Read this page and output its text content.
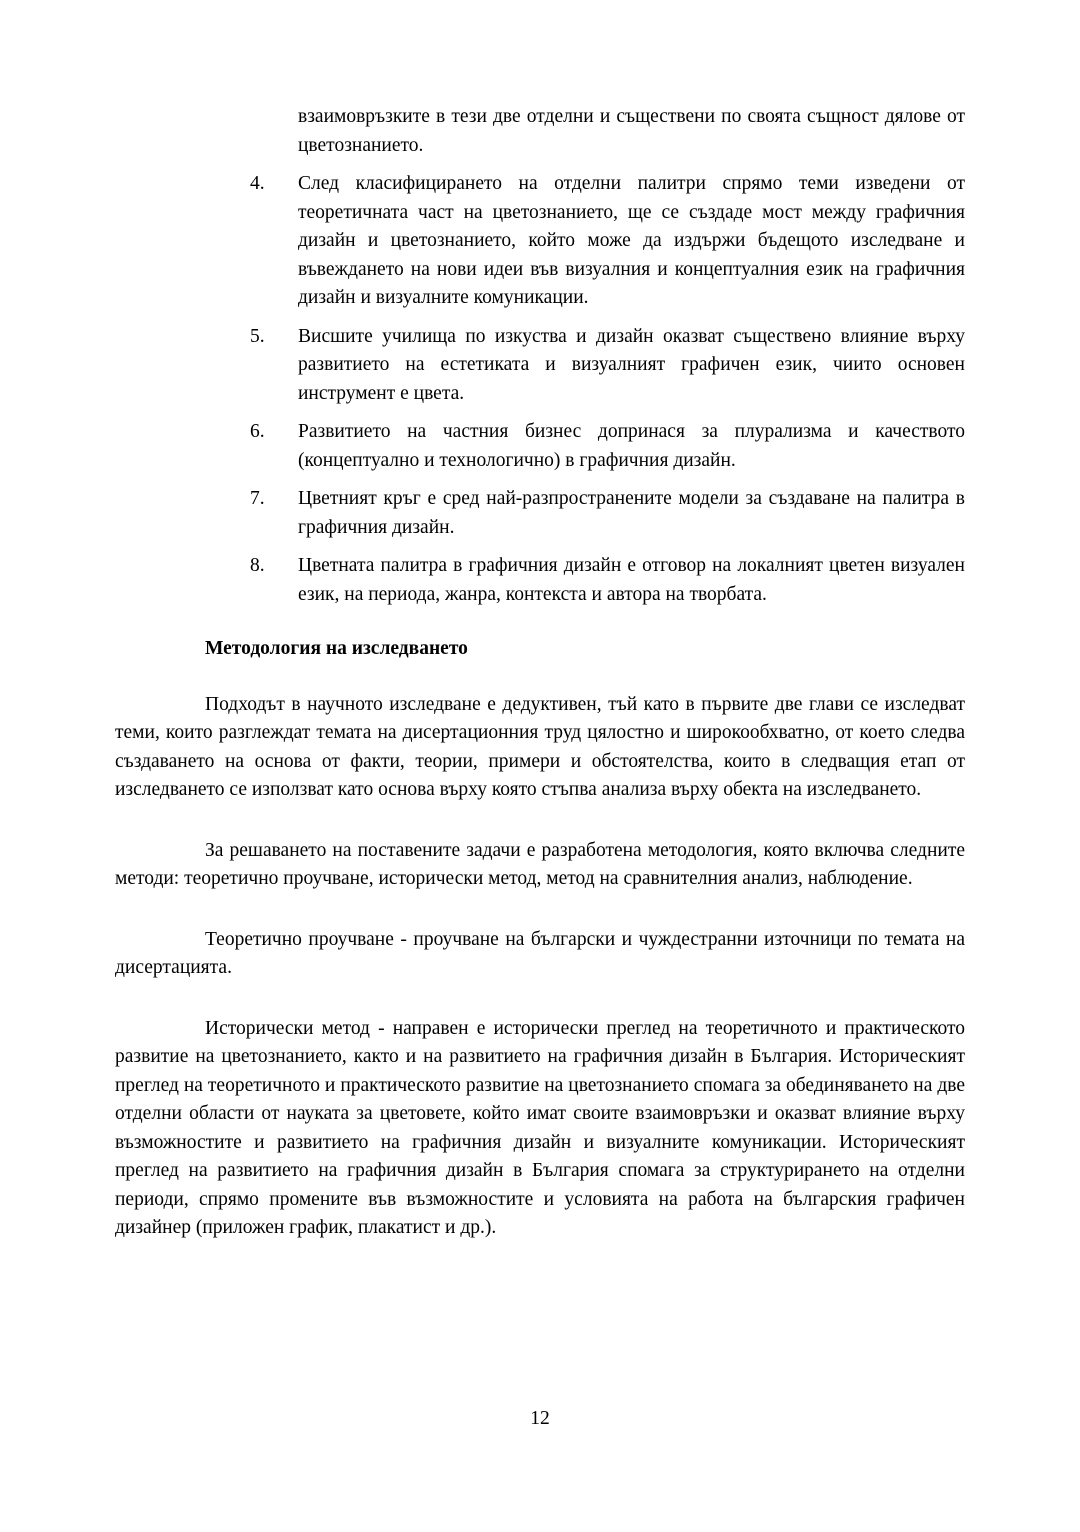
взаимовръзките в тези две отделни и съществени по своята същност дялове от цветознанието.

4.	След класифицирането на отделни палитри спрямо теми изведени от теоретичната част на цветознанието, ще се създаде мост между графичния дизайн и цветознанието, който може да издържи бъдещото изследване и въвеждането на нови идеи във визуалния и концептуалния език на графичния дизайн и визуалните комуникации.
5.	Висшите училища по изкуства и дизайн оказват съществено влияние върху развитието на естетиката и визуалният графичен език, чиито основен инструмент е цвета.
6.	Развитието на частния бизнес допринася за плурализма и качеството (концептуално и технологично) в графичния дизайн.
7.	Цветният кръг е сред най-разпространените модели за създаване на палитра в графичния дизайн.
8.	Цветната палитра в графичния дизайн е отговор на локалният цветен визуален език, на периода, жанра, контекста и автора на творбата.
Методология на изследването

Подходът в научното изследване е дедуктивен, тъй като в първите две глави се изследват теми, които разглеждат темата на дисертационния труд цялостно и широкообхватно, от което следва създаването на основа от факти, теории, примери и обстоятелства, които в следващия етап от изследването се използват като основа върху която стъпва анализа върху обекта на изследването.

За решаването на поставените задачи е разработена методология, която включва следните методи: теоретично проучване, исторически метод, метод на сравнителния анализ, наблюдение.

Теоретично проучване - проучване на български и чуждестранни източници по темата на дисертацията.

Исторически метод - направен е исторически преглед на теоретичното и практическото развитие на цветознанието, както и на развитието на графичния дизайн в България. Историческият преглед на теоретичното и практическото развитие на цветознанието спомага за обединяването на две отделни области от науката за цветовете, който имат своите взаимовръзки и оказват влияние върху възможностите и развитието на графичния дизайн и визуалните комуникации. Историческият преглед на развитието на графичния дизайн в България спомага за структурирането на отделни периоди, спрямо промените във възможностите и условията на работа на българския графичен дизайнер (приложен график, плакатист и др.).

12
